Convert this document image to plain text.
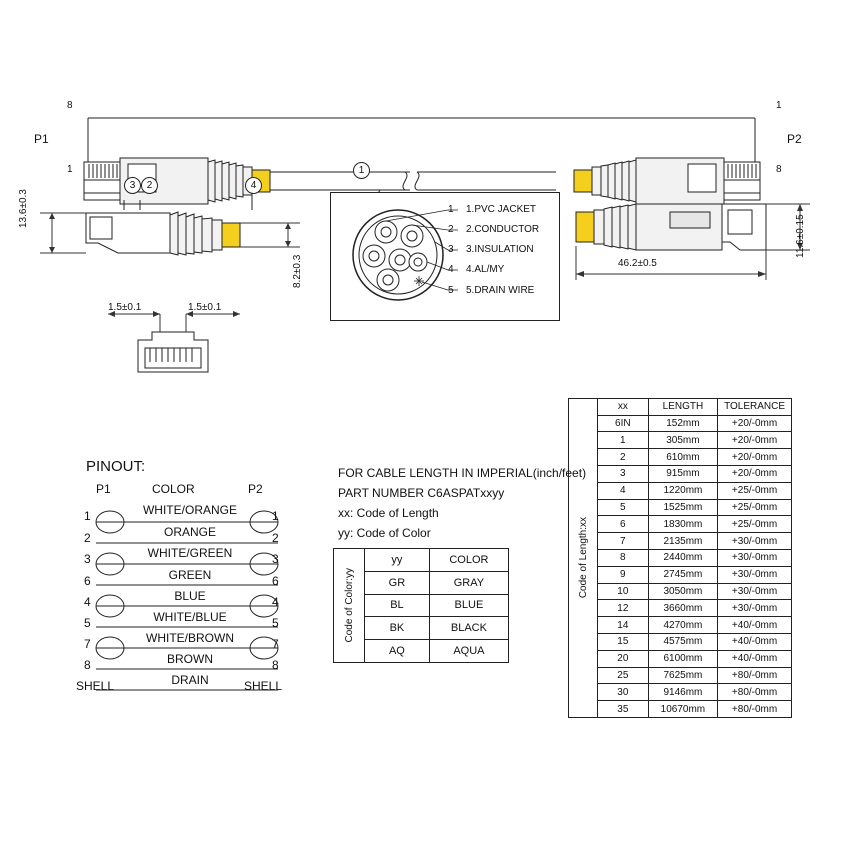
P1	P2
8
1
1
8
3	2	4
1
13.6±0.3
8.2±0.3
1.5±0.1	1.5±0.1
1 1.PVC JACKET
2 2.CONDUCTOR
3 3.INSULATION
4 4.AL/MY
5 5.DRAIN WIRE
46.2±0.5
11.6±0.15
PINOUT:
P1	COLOR	P2
1	WHITE/ORANGE	1
2	ORANGE	2
3	WHITE/GREEN	3
6	GREEN	6
4	BLUE	4
5	WHITE/BLUE	5
7	WHITE/BROWN	7
8	BROWN	8
SHELL	DRAIN	SHELL
FOR CABLE LENGTH IN IMPERIAL(inch/feet)
PART NUMBER C6ASPATxxyy
xx: Code of Length
yy: Code of Color
Code of Color:yy
yy	COLOR
GR	GRAY
BL	BLUE
BK	BLACK
AQ	AQUA
Code of Length:xx
xx	LENGTH	TOLERANCE
6IN	152mm	+20/-0mm
1	305mm	+20/-0mm
2	610mm	+20/-0mm
3	915mm	+20/-0mm
4	1220mm	+25/-0mm
5	1525mm	+25/-0mm
6	1830mm	+25/-0mm
7	2135mm	+30/-0mm
8	2440mm	+30/-0mm
9	2745mm	+30/-0mm
10	3050mm	+30/-0mm
12	3660mm	+30/-0mm
14	4270mm	+40/-0mm
15	4575mm	+40/-0mm
20	6100mm	+40/-0mm
25	7625mm	+80/-0mm
30	9146mm	+80/-0mm
35	10670mm	+80/-0mm
